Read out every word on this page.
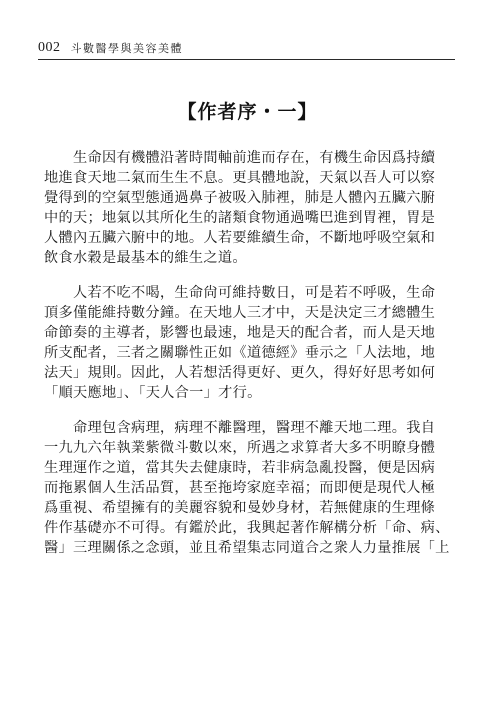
002 斗數醫學與美容美體
【作者序・一】
生命因有機體沿著時間軸前進而存在，有機生命因爲持續
地進食天地二氣而生生不息。更具體地說，天氣以吾人可以察
覺得到的空氣型態通過鼻子被吸入肺裡，肺是人體內五臟六腑
中的天；地氣以其所化生的諸類食物通過嘴巴進到胃裡，胃是
人體內五臟六腑中的地。人若要維續生命，不斷地呼吸空氣和
飲食水穀是最基本的維生之道。
人若不吃不喝，生命尙可維持數日，可是若不呼吸，生命
頂多僅能維持數分鐘。在天地人三才中，天是決定三才總體生
命節奏的主導者，影響也最速，地是天的配合者，而人是天地
所支配者，三者之關聯性正如《道德經》垂示之「人法地，地
法天」規則。因此，人若想活得更好、更久，得好好思考如何
「順天應地」、「天人合一」才行。
命理包含病理，病理不離醫理，醫理不離天地二理。我自
一九九六年執業紫微斗數以來，所遇之求算者大多不明瞭身體
生理運作之道，當其失去健康時，若非病急亂投醫，便是因病
而拖累個人生活品質，甚至拖垮家庭幸福；而即便是現代人極
爲重視、希望擁有的美麗容貌和曼妙身材，若無健康的生理條
件作基礎亦不可得。有鑑於此，我興起著作解構分析「命、病、
醫」三理關係之念頭，並且希望集志同道合之衆人力量推展「上
